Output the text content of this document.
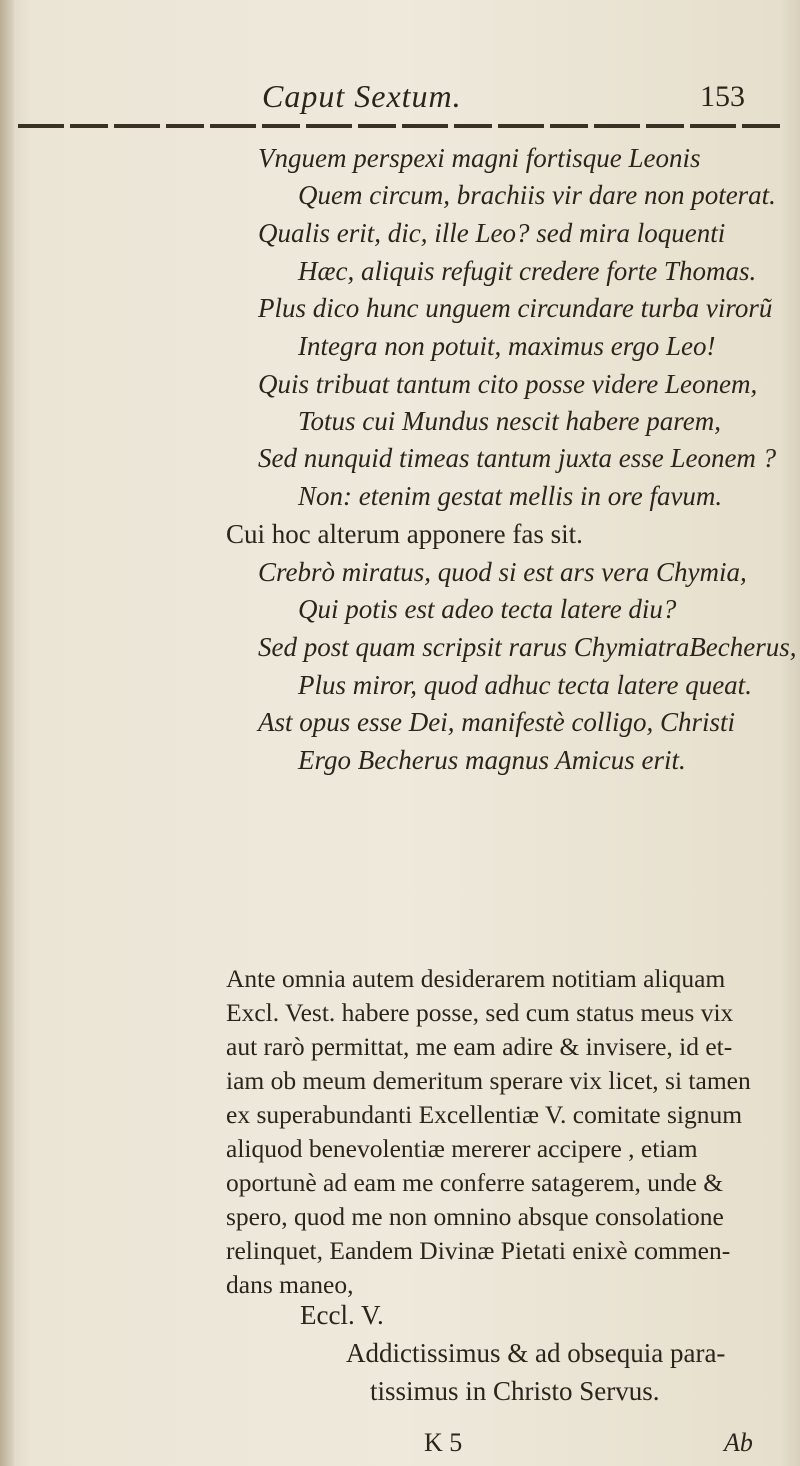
Caput Sextum.	153
Vnguem perspexi magni fortisque Leonis
Quem circum, brachiis vir dare non poterat.
Qualis erit, dic, ille Leo? sed mira loquenti
Hæc, aliquis refugit credere forte Thomas.
Plus dico hunc unguem circundare turba virorũ
Integra non potuit, maximus ergo Leo!
Quis tribuat tantum cito posse videre Leonem,
Totus cui Mundus nescit habere parem,
Sed nunquid timeas tantum juxta esse Leonem ?
Non: etenim gestat mellis in ore favum.
Cui hoc alterum apponere fas sit.
Crebrò miratus, quod si est ars vera Chymia,
Qui potis est adeo tecta latere diu?
Sed post quam scripsit rarus ChymiatraBecherus,
Plus miror, quod adhuc tecta latere queat.
Ast opus esse Dei, manifestè colligo, Christi
Ergo Becherus magnus Amicus erit.
Ante omnia autem desiderarem notitiam aliquam
Excl. Vest. habere posse, sed cum status meus vix
aut rarò permittat, me eam adire & invisere, id et-
iam ob meum demeritum sperare vix licet, si tamen
ex superabundanti Excellentiæ V. comitate signum
aliquod benevolentiæ mererer accipere , etiam
oportunè ad eam me conferre satagerem, unde &
spero, quod me non omnino absque consolatione
relinquet, Eandem Divinæ Pietati enixè commen-
dans maneo,
Eccl. V.
Addictissimus & ad obsequia para-
tissimus in Christo Servus.
K 5	Ab
